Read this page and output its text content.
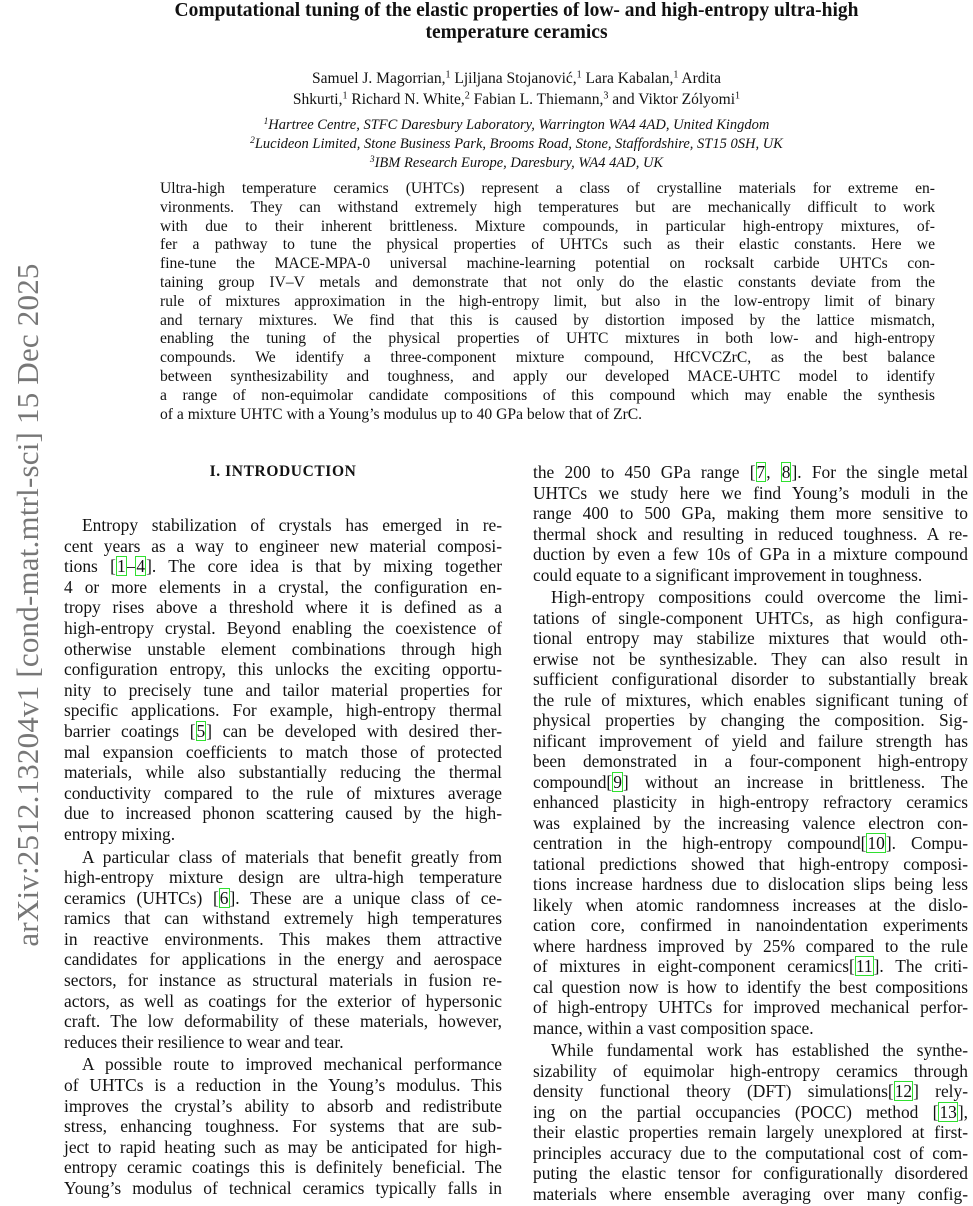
arXiv:2512.13204v1 [cond-mat.mtrl-sci] 15 Dec 2025
Computational tuning of the elastic properties of low- and high-entropy ultra-high
temperature ceramics
Samuel J. Magorrian,$^1$ Ljiljana Stojanović,$^1$ Lara Kabalan,$^1$ Ardita
Shkurti,$^1$ Richard N. White,$^2$ Fabian L. Thiemann,$^3$ and Viktor Zólyomi$^1$
$^1$Hartree Centre, STFC Daresbury Laboratory, Warrington WA4 4AD, United Kingdom
$^2$Lucideon Limited, Stone Business Park, Brooms Road, Stone, Staffordshire, ST15 0SH, UK
$^3$IBM Research Europe, Daresbury, WA4 4AD, UK
Ultra-high temperature ceramics (UHTCs) represent a class of crystalline materials for extreme en-
vironments. They can withstand extremely high temperatures but are mechanically difficult to work
with due to their inherent brittleness. Mixture compounds, in particular high-entropy mixtures, of-
fer a pathway to tune the physical properties of UHTCs such as their elastic constants. Here we
fine-tune the MACE-MPA-0 universal machine-learning potential on rocksalt carbide UHTCs con-
taining group IV–V metals and demonstrate that not only do the elastic constants deviate from the
rule of mixtures approximation in the high-entropy limit, but also in the low-entropy limit of binary
and ternary mixtures. We find that this is caused by distortion imposed by the lattice mismatch,
enabling the tuning of the physical properties of UHTC mixtures in both low- and high-entropy
compounds. We identify a three-component mixture compound, HfCVCZrC, as the best balance
between synthesizability and toughness, and apply our developed MACE-UHTC model to identify
a range of non-equimolar candidate compositions of this compound which may enable the synthesis
of a mixture UHTC with a Young’s modulus up to 40 GPa below that of ZrC.
I. INTRODUCTION
Entropy stabilization of crystals has emerged in re-
cent years as a way to engineer new material composi-
tions [1–4]. The core idea is that by mixing together
4 or more elements in a crystal, the configuration en-
tropy rises above a threshold where it is defined as a
high-entropy crystal. Beyond enabling the coexistence of
otherwise unstable element combinations through high
configuration entropy, this unlocks the exciting opportu-
nity to precisely tune and tailor material properties for
specific applications. For example, high-entropy thermal
barrier coatings [5] can be developed with desired ther-
mal expansion coefficients to match those of protected
materials, while also substantially reducing the thermal
conductivity compared to the rule of mixtures average
due to increased phonon scattering caused by the high-
entropy mixing.
A particular class of materials that benefit greatly from
high-entropy mixture design are ultra-high temperature
ceramics (UHTCs) [6]. These are a unique class of ce-
ramics that can withstand extremely high temperatures
in reactive environments. This makes them attractive
candidates for applications in the energy and aerospace
sectors, for instance as structural materials in fusion re-
actors, as well as coatings for the exterior of hypersonic
craft. The low deformability of these materials, however,
reduces their resilience to wear and tear.
A possible route to improved mechanical performance
of UHTCs is a reduction in the Young’s modulus. This
improves the crystal’s ability to absorb and redistribute
stress, enhancing toughness. For systems that are sub-
ject to rapid heating such as may be anticipated for high-
entropy ceramic coatings this is definitely beneficial. The
Young’s modulus of technical ceramics typically falls in
the 200 to 450 GPa range [7, 8]. For the single metal
UHTCs we study here we find Young’s moduli in the
range 400 to 500 GPa, making them more sensitive to
thermal shock and resulting in reduced toughness. A re-
duction by even a few 10s of GPa in a mixture compound
could equate to a significant improvement in toughness.
High-entropy compositions could overcome the limi-
tations of single-component UHTCs, as high configura-
tional entropy may stabilize mixtures that would oth-
erwise not be synthesizable. They can also result in
sufficient configurational disorder to substantially break
the rule of mixtures, which enables significant tuning of
physical properties by changing the composition. Sig-
nificant improvement of yield and failure strength has
been demonstrated in a four-component high-entropy
compound[9] without an increase in brittleness. The
enhanced plasticity in high-entropy refractory ceramics
was explained by the increasing valence electron con-
centration in the high-entropy compound[10]. Compu-
tational predictions showed that high-entropy composi-
tions increase hardness due to dislocation slips being less
likely when atomic randomness increases at the dislo-
cation core, confirmed in nanoindentation experiments
where hardness improved by 25% compared to the rule
of mixtures in eight-component ceramics[11]. The criti-
cal question now is how to identify the best compositions
of high-entropy UHTCs for improved mechanical perfor-
mance, within a vast composition space.
While fundamental work has established the synthe-
sizability of equimolar high-entropy ceramics through
density functional theory (DFT) simulations[12] rely-
ing on the partial occupancies (POCC) method [13],
their elastic properties remain largely unexplored at first-
principles accuracy due to the computational cost of com-
puting the elastic tensor for configurationally disordered
materials where ensemble averaging over many config-
